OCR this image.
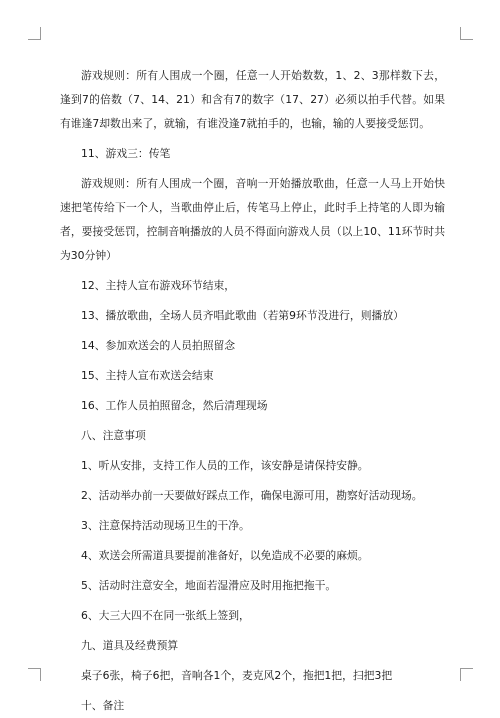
游戏规则：所有人围成一个圈，任意一人开始数数，1、2、3那样数下去，逢到7的倍数（7、14、21）和含有7的数字（17、27）必须以拍手代替。如果有谁逢7却数出来了，就输，有谁没逢7就拍手的，也输，输的人要接受惩罚。

11、游戏三：传笔

游戏规则：所有人围成一个圈，音响一开始播放歌曲，任意一人马上开始快速把笔传给下一个人，当歌曲停止后，传笔马上停止，此时手上持笔的人即为输者，要接受惩罚，控制音响播放的人员不得面向游戏人员（以上10、11环节时共为30分钟）

12、主持人宣布游戏环节结束，

13、播放歌曲，全场人员齐唱此歌曲（若第9环节没进行，则播放）

14、参加欢送会的人员拍照留念

15、主持人宣布欢送会结束

16、工作人员拍照留念，然后清理现场

八、注意事项

1、听从安排，支持工作人员的工作，该安静是请保持安静。

2、活动举办前一天要做好踩点工作，确保电源可用，勘察好活动现场。

3、注意保持活动现场卫生的干净。

4、欢送会所需道具要提前准备好，以免造成不必要的麻烦。

5、活动时注意安全，地面若湿滑应及时用拖把拖干。

6、大三大四不在同一张纸上签到，

九、道具及经费预算

桌子6张，椅子6把，音响各1个，麦克风2个，拖把1把，扫把3把

十、备注
